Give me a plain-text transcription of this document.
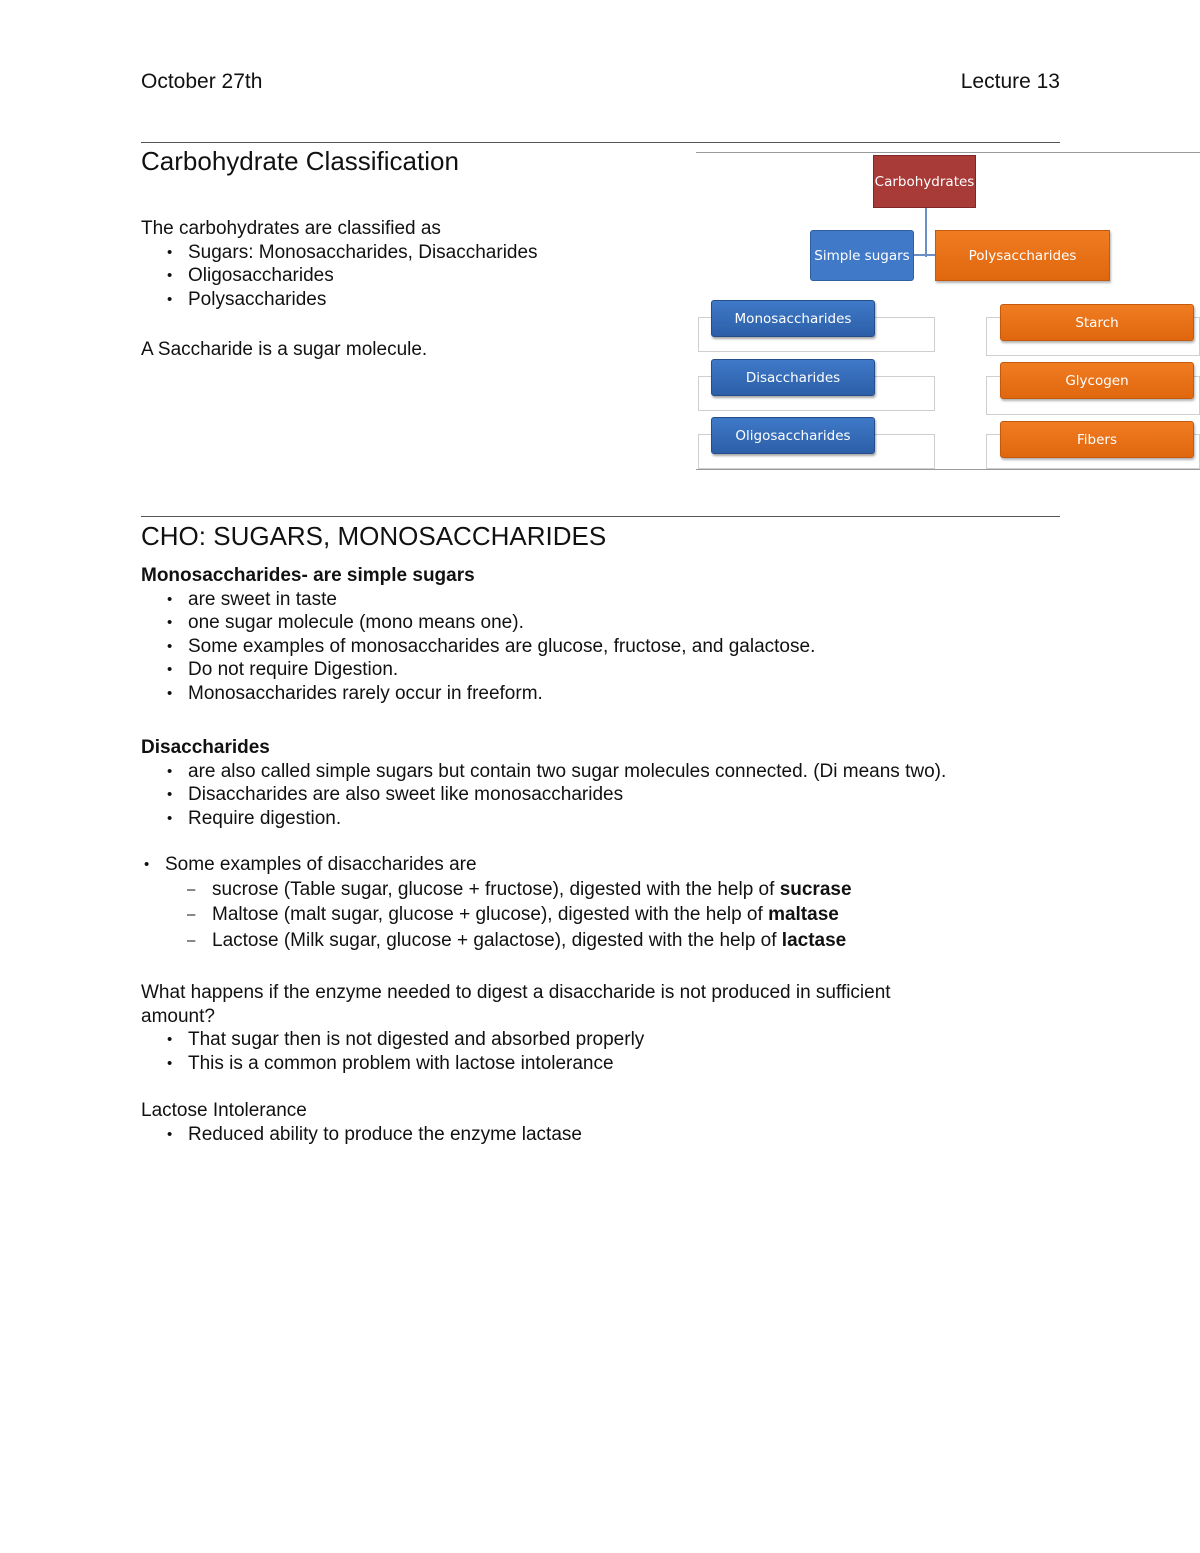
October 27th	Lecture 13
Carbohydrate Classification
The carbohydrates are classified as
• Sugars: Monosaccharides, Disaccharides
• Oligosaccharides
• Polysaccharides
A Saccharide is a sugar molecule.
Carbohydrates
Simple sugars	Polysaccharides
Monosaccharides
Disaccharides
Oligosaccharides
Starch
Glycogen
Fibers
CHO: SUGARS, MONOSACCHARIDES
Monosaccharides- are simple sugars
• are sweet in taste
• one sugar molecule (mono means one).
• Some examples of monosaccharides are glucose, fructose, and galactose.
• Do not require Digestion.
• Monosaccharides rarely occur in freeform.
Disaccharides
• are also called simple sugars but contain two sugar molecules connected. (Di means two).
• Disaccharides are also sweet like monosaccharides
• Require digestion.
• Some examples of disaccharides are
– sucrose (Table sugar, glucose + fructose), digested with the help of sucrase
– Maltose (malt sugar, glucose + glucose), digested with the help of maltase
– Lactose (Milk sugar, glucose + galactose), digested with the help of lactase
What happens if the enzyme needed to digest a disaccharide is not produced in sufficient
amount?
• That sugar then is not digested and absorbed properly
• This is a common problem with lactose intolerance
Lactose Intolerance
• Reduced ability to produce the enzyme lactase
